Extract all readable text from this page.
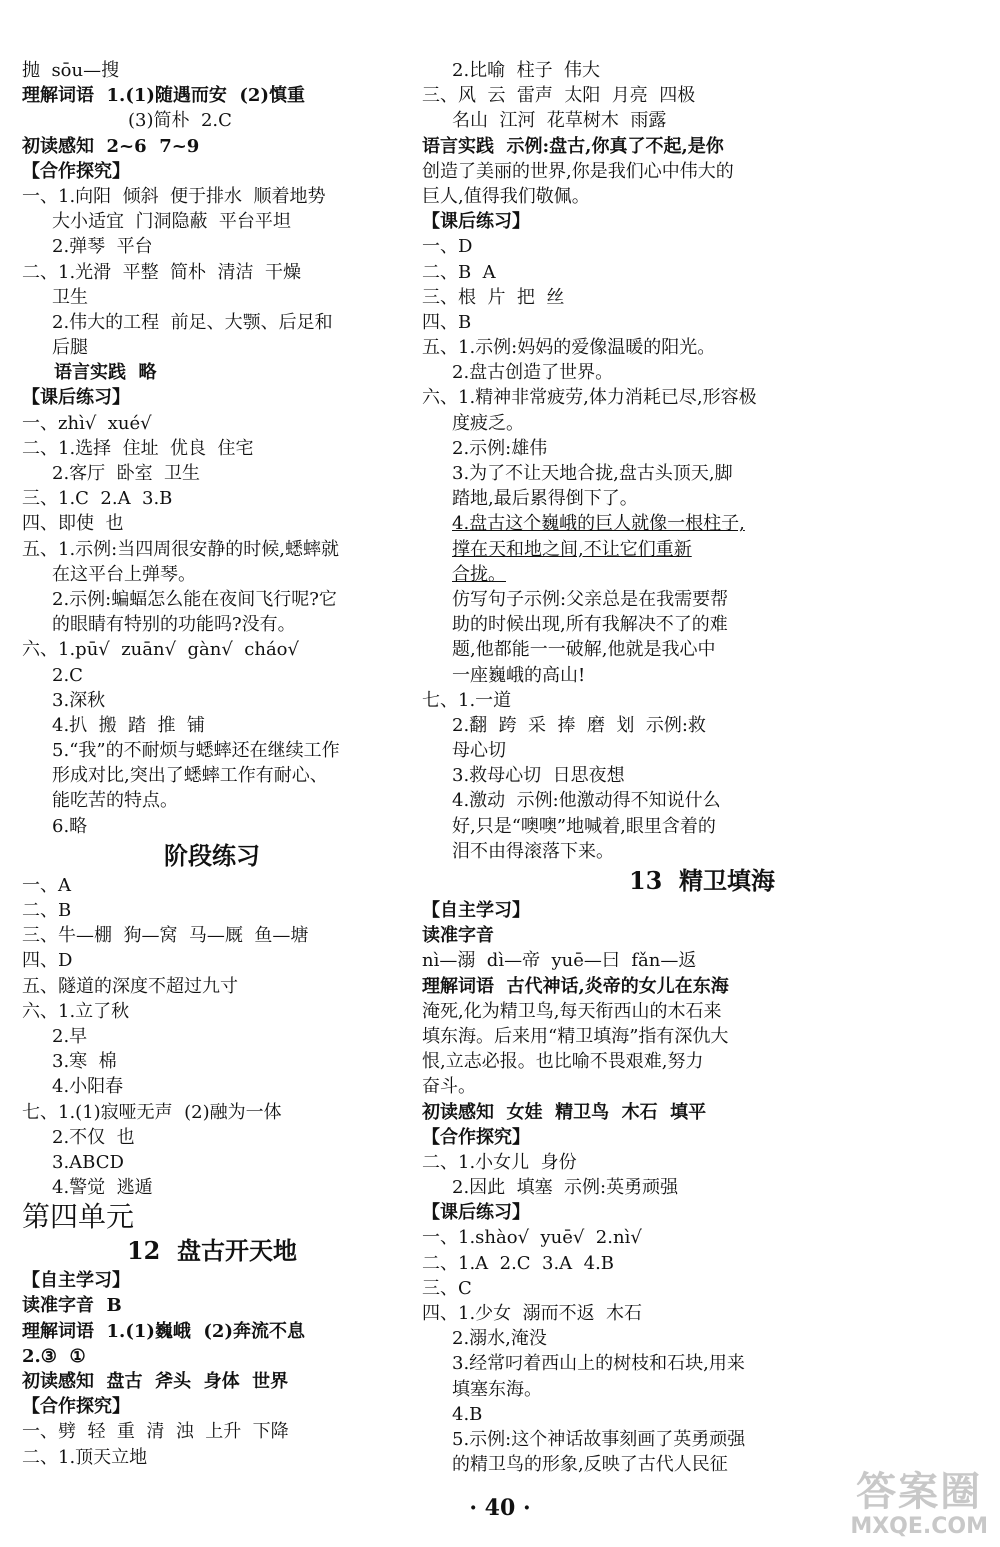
抛  sōu—搜
理解词语  1.(1)随遇而安  (2)慎重
(3)简朴  2.C
初读感知  2~6  7~9
【合作探究】
一、1.向阳  倾斜  便于排水  顺着地势
大小适宜  门洞隐蔽  平台平坦
2.弹琴  平台
二、1.光滑  平整  简朴  清洁  干燥
卫生
2.伟大的工程  前足、大颚、后足和
后腿
语言实践  略
【课后练习】
一、zhì√  xué√
二、1.选择  住址  优良  住宅
2.客厅  卧室  卫生
三、1.C  2.A  3.B
四、即使  也
五、1.示例:当四周很安静的时候,蟋蟀就
在这平台上弹琴。
2.示例:蝙蝠怎么能在夜间飞行呢?它
的眼睛有特别的功能吗?没有。
六、1.pū√  zuān√  gàn√  cháo√
2.C
3.深秋
4.扒  搬  踏  推  铺
5.“我”的不耐烦与蟋蟀还在继续工作
形成对比,突出了蟋蟀工作有耐心、
能吃苦的特点。
6.略
阶段练习
一、A
二、B
三、牛—棚  狗—窝  马—厩  鱼—塘
四、D
五、隧道的深度不超过九寸
六、1.立了秋
2.早
3.寒  棉
4.小阳春
七、1.(1)寂哑无声  (2)融为一体
2.不仅  也
3.ABCD
4.警觉  逃遁
第四单元
12  盘古开天地
【自主学习】
读准字音  B
理解词语  1.(1)巍峨  (2)奔流不息
2.③  ①
初读感知  盘古  斧头  身体  世界
【合作探究】
一、劈  轻  重  清  浊  上升  下降
二、1.顶天立地
2.比喻  柱子  伟大
三、风  云  雷声  太阳  月亮  四极
名山  江河  花草树木  雨露
语言实践  示例:盘古,你真了不起,是你
创造了美丽的世界,你是我们心中伟大的
巨人,值得我们敬佩。
【课后练习】
一、D
二、B  A
三、根  片  把  丝
四、B
五、1.示例:妈妈的爱像温暖的阳光。
2.盘古创造了世界。
六、1.精神非常疲劳,体力消耗已尽,形容极
度疲乏。
2.示例:雄伟
3.为了不让天地合拢,盘古头顶天,脚
踏地,最后累得倒下了。
4.盘古这个巍峨的巨人就像一根柱子,
撑在天和地之间,不让它们重新
合拢。
仿写句子示例:父亲总是在我需要帮
助的时候出现,所有我解决不了的难
题,他都能一一破解,他就是我心中
一座巍峨的高山!
七、1.一道
2.翻  跨  采  捧  磨  划  示例:救
母心切
3.救母心切  日思夜想
4.激动  示例:他激动得不知说什么
好,只是“噢噢”地喊着,眼里含着的
泪不由得滚落下来。
13  精卫填海
【自主学习】
读准字音
nì—溺  dì—帝  yuē—曰  fǎn—返
理解词语  古代神话,炎帝的女儿在东海
淹死,化为精卫鸟,每天衔西山的木石来
填东海。后来用“精卫填海”指有深仇大
恨,立志必报。也比喻不畏艰难,努力
奋斗。
初读感知  女娃  精卫鸟  木石  填平
【合作探究】
二、1.小女儿  身份
2.因此  填塞  示例:英勇顽强
【课后练习】
一、1.shào√  yuē√  2.nì√
二、1.A  2.C  3.A  4.B
三、C
四、1.少女  溺而不返  木石
2.溺水,淹没
3.经常叼着西山上的树枝和石块,用来
填塞东海。
4.B
5.示例:这个神话故事刻画了英勇顽强
的精卫鸟的形象,反映了古代人民征
· 40 ·	答案圈
MXQE.COM
